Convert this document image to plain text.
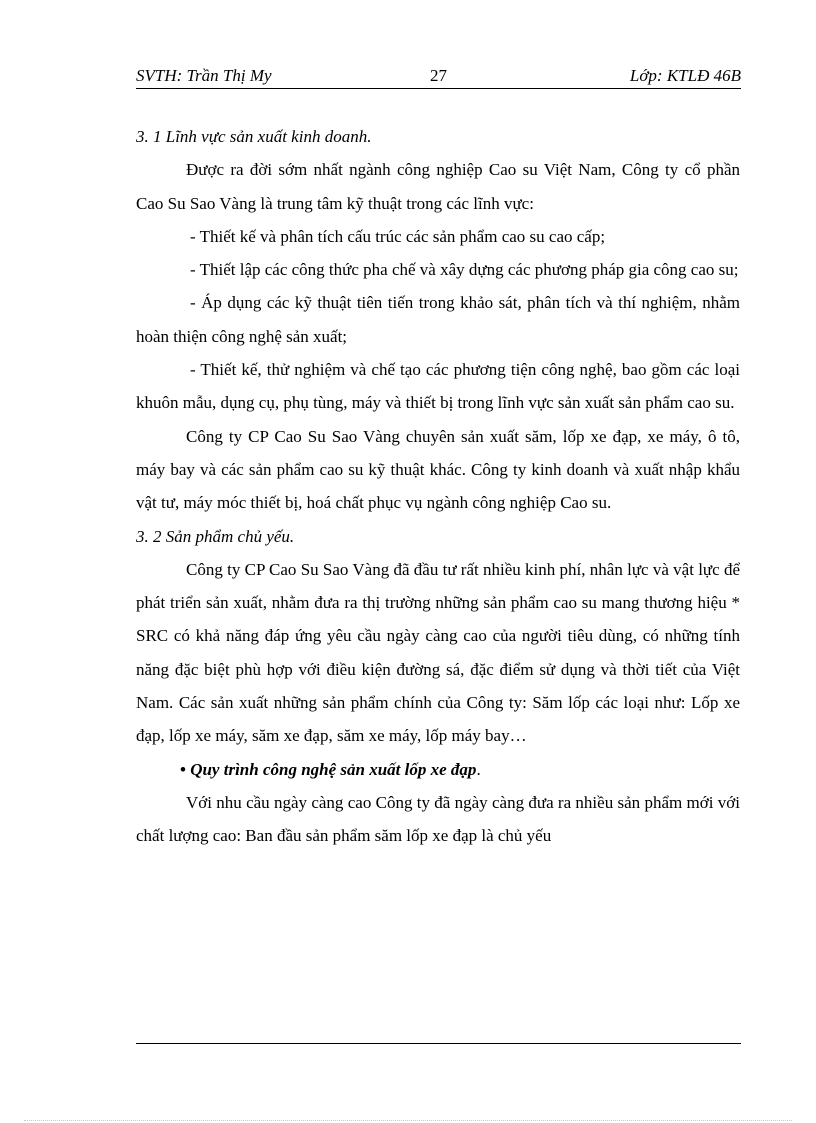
SVTH: Trần Thị My	27	Lớp: KTLĐ 46B

3. 1 Lĩnh vực sản xuất kinh doanh.

Được ra đời sớm nhất ngành công nghiệp Cao su Việt Nam, Công ty cổ phần Cao Su Sao Vàng là trung tâm kỹ thuật trong các lĩnh vực:

- Thiết kế và phân tích cấu trúc các sản phẩm cao su cao cấp;

- Thiết lập các công thức pha chế và xây dựng các phương pháp gia công cao su;

- Áp dụng các kỹ thuật tiên tiến trong khảo sát, phân tích và thí nghiệm, nhằm hoàn thiện công nghệ sản xuất;

- Thiết kế, thử nghiệm và chế tạo các phương tiện công nghệ, bao gồm các loại khuôn mẫu, dụng cụ, phụ tùng, máy và thiết bị trong lĩnh vực sản xuất sản phẩm cao su.

Công ty CP Cao Su Sao Vàng chuyên sản xuất săm, lốp xe đạp, xe máy, ô tô, máy bay và các sản phẩm cao su kỹ thuật khác. Công ty kinh doanh và xuất nhập khẩu vật tư, máy móc thiết bị, hoá chất phục vụ ngành công nghiệp Cao su.

3. 2 Sản phẩm chủ yếu.

Công ty CP Cao Su Sao Vàng đã đầu tư rất nhiều kinh phí, nhân lực và vật lực để phát triển sản xuất, nhằm đưa ra thị trường những sản phẩm cao su mang thương hiệu * SRC có khả năng đáp ứng yêu cầu ngày càng cao của người tiêu dùng, có những tính năng đặc biệt phù hợp với điều kiện đường sá, đặc điểm sử dụng và thời tiết của Việt Nam. Các sản xuất những sản phẩm chính của Công ty: Săm lốp các loại như: Lốp xe đạp, lốp xe máy, săm xe đạp, săm xe máy, lốp máy bay…

• Quy trình công nghệ sản xuất lốp xe đạp.

Với nhu cầu ngày càng cao Công ty đã ngày càng đưa ra nhiều sản phẩm mới với chất lượng cao: Ban đầu sản phẩm săm lốp xe đạp là chủ yếu
